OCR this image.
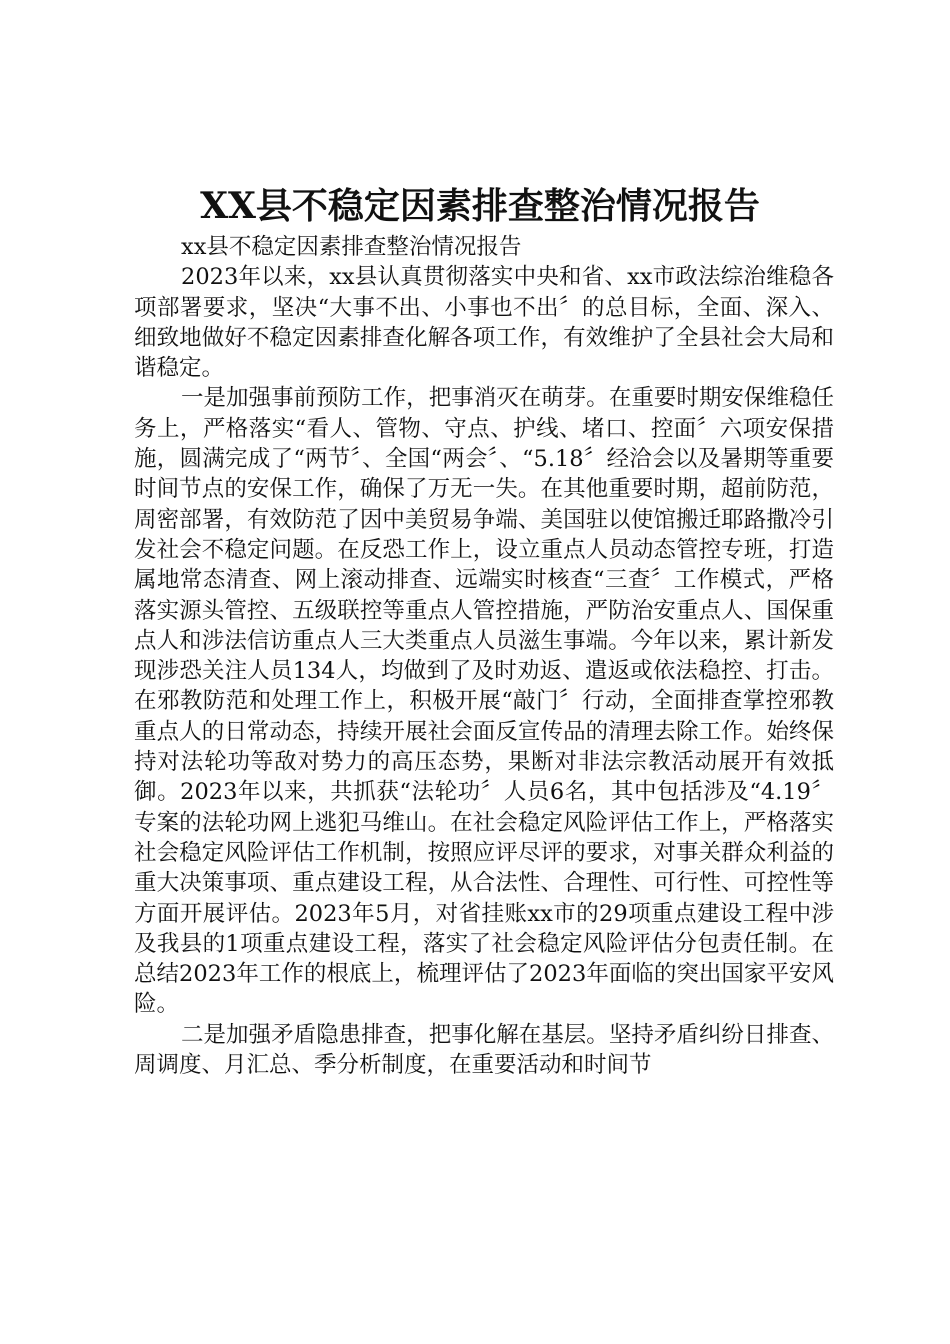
XX县不稳定因素排查整治情况报告

xx县不稳定因素排查整治情况报告

2023年以来，xx县认真贯彻落实中央和省、xx市政法综治维稳各项部署要求，坚决“大事不出、小事也不出〞的总目标，全面、深入、细致地做好不稳定因素排查化解各项工作，有效维护了全县社会大局和谐稳定。

一是加强事前预防工作，把事消灭在萌芽。在重要时期安保维稳任务上，严格落实“看人、管物、守点、护线、堵口、控面〞六项安保措施，圆满完成了“两节〞、全国“两会〞、“5.18〞经洽会以及暑期等重要时间节点的安保工作，确保了万无一失。在其他重要时期，超前防范，周密部署，有效防范了因中美贸易争端、美国驻以使馆搬迁耶路撒冷引发社会不稳定问题。在反恐工作上，设立重点人员动态管控专班，打造属地常态清查、网上滚动排查、远端实时核查“三查〞工作模式，严格落实源头管控、五级联控等重点人管控措施，严防治安重点人、国保重点人和涉法信访重点人三大类重点人员滋生事端。今年以来，累计新发现涉恐关注人员134人，均做到了及时劝返、遣返或依法稳控、打击。在邪教防范和处理工作上，积极开展“敲门〞行动，全面排查掌控邪教重点人的日常动态，持续开展社会面反宣传品的清理去除工作。始终保持对法轮功等敌对势力的高压态势，果断对非法宗教活动展开有效抵御。2023年以来，共抓获“法轮功〞人员6名，其中包括涉及“4.19〞专案的法轮功网上逃犯马维山。在社会稳定风险评估工作上，严格落实社会稳定风险评估工作机制，按照应评尽评的要求，对事关群众利益的重大决策事项、重点建设工程，从合法性、合理性、可行性、可控性等方面开展评估。2023年5月，对省挂账xx市的29项重点建设工程中涉及我县的1项重点建设工程，落实了社会稳定风险评估分包责任制。在总结2023年工作的根底上，梳理评估了2023年面临的突出国家平安风险。

二是加强矛盾隐患排查，把事化解在基层。坚持矛盾纠纷日排查、周调度、月汇总、季分析制度，在重要活动和时间节
